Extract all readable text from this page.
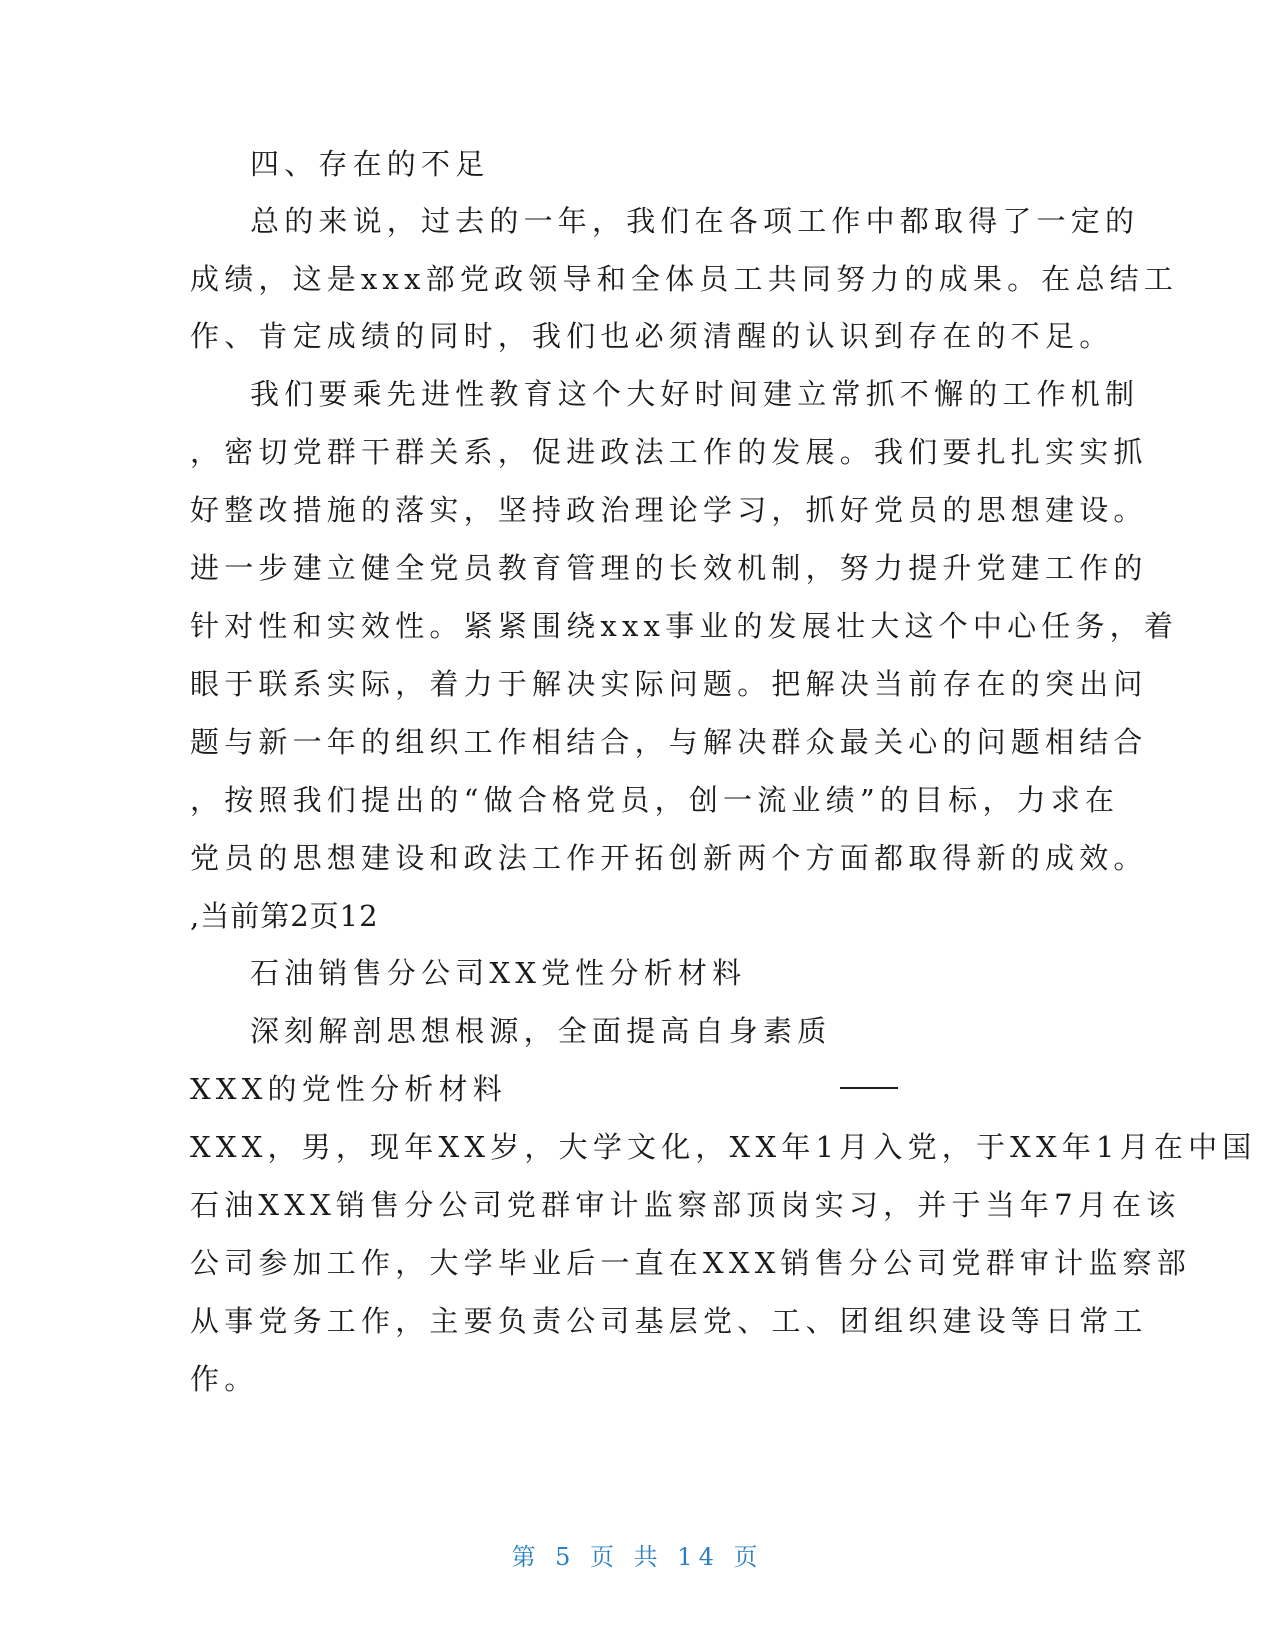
四、存在的不足
总的来说，过去的一年，我们在各项工作中都取得了一定的
成绩，这是xxx部党政领导和全体员工共同努力的成果。在总结工
作、肯定成绩的同时，我们也必须清醒的认识到存在的不足。
我们要乘先进性教育这个大好时间建立常抓不懈的工作机制
，密切党群干群关系，促进政法工作的发展。我们要扎扎实实抓
好整改措施的落实，坚持政治理论学习，抓好党员的思想建设。
进一步建立健全党员教育管理的长效机制，努力提升党建工作的
针对性和实效性。紧紧围绕xxx事业的发展壮大这个中心任务，着
眼于联系实际，着力于解决实际问题。把解决当前存在的突出问
题与新一年的组织工作相结合，与解决群众最关心的问题相结合
，按照我们提出的“做合格党员，创一流业绩”的目标，力求在
党员的思想建设和政法工作开拓创新两个方面都取得新的成效。
,当前第2页12
石油销售分公司XX党性分析材料
深刻解剖思想根源，全面提高自身素质
XXX的党性分析材料
XXX，男，现年XX岁，大学文化，XX年1月入党，于XX年1月在中国
石油XXX销售分公司党群审计监察部顶岗实习，并于当年7月在该
公司参加工作，大学毕业后一直在XXX销售分公司党群审计监察部
从事党务工作，主要负责公司基层党、工、团组织建设等日常工
作。
第 5 页 共 14 页
